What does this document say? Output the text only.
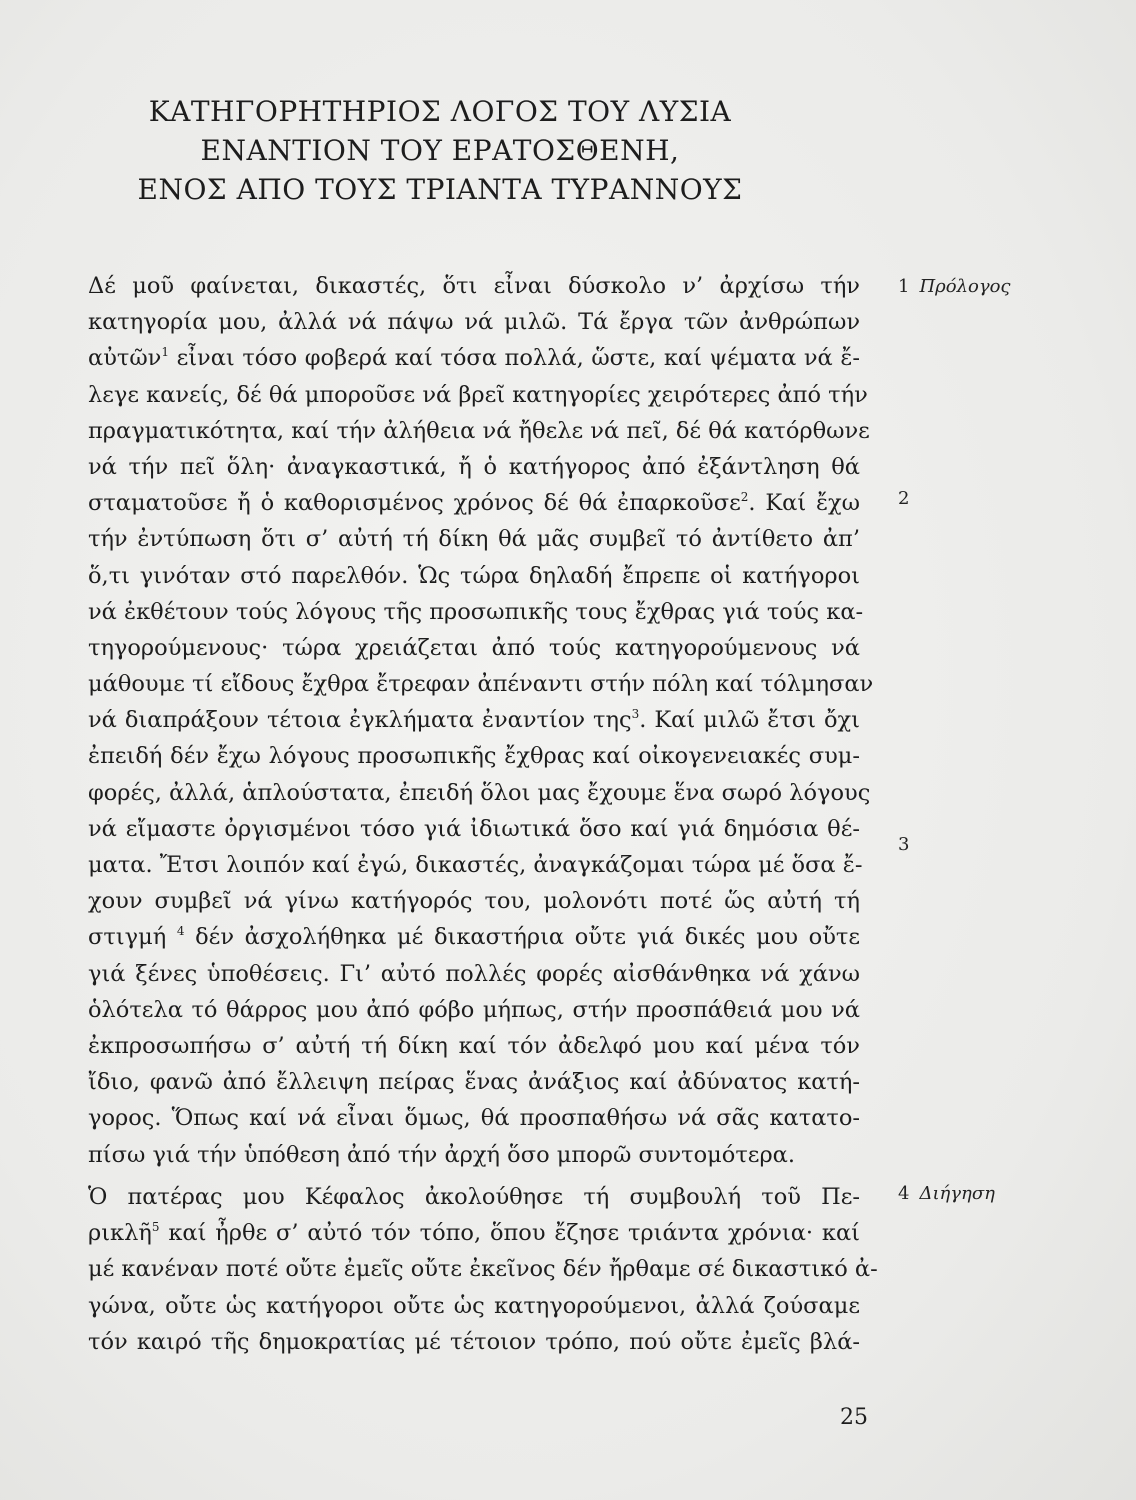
ΚΑΤΗΓΟΡΗΤΗΡΙΟΣ ΛΟΓΟΣ ΤΟΥ ΛΥΣΙΑ
ΕΝΑΝΤΙΟΝ ΤΟΥ ΕΡΑΤΟΣΘΕΝΗ,
ΕΝΟΣ ΑΠΟ ΤΟΥΣ ΤΡΙΑΝΤΑ ΤΥΡΑΝΝΟΥΣ
Δέ μοῦ φαίνεται, δικαστές, ὅτι εἶναι δύσκολο ν’ ἀρχίσω τήν
κατηγορία μου, ἀλλά νά πάψω νά μιλῶ. Τά ἔργα τῶν ἀνθρώπων
αὐτῶν$^1$ εἶναι τόσο φοβερά καί τόσα πολλά, ὥστε, καί ψέματα νά ἔ-
λεγε κανείς, δέ θά μποροῦσε νά βρεῖ κατηγορίες χειρότερες ἀπό τήν
πραγματικότητα, καί τήν ἀλήθεια νά ἤθελε νά πεῖ, δέ θά κατόρθωνε
νά τήν πεῖ ὅλη· ἀναγκαστικά, ἤ ὁ κατήγορος ἀπό ἐξάντληση θά
σταματοῦσε ἤ ὁ καθορισμένος χρόνος δέ θά ἐπαρκοῦσε$^2$. Καί ἔχω
τήν ἐντύπωση ὅτι σ’ αὐτή τή δίκη θά μᾶς συμβεῖ τό ἀντίθετο ἀπ’
ὅ,τι γινόταν στό παρελθόν. Ὡς τώρα δηλαδή ἔπρεπε οἱ κατήγοροι
νά ἐκθέτουν τούς λόγους τῆς προσωπικῆς τους ἔχθρας γιά τούς κα-
τηγορούμενους· τώρα χρειάζεται ἀπό τούς κατηγορούμενους νά
μάθουμε τί εἴδους ἔχθρα ἔτρεφαν ἀπέναντι στήν πόλη καί τόλμησαν
νά διαπράξουν τέτοια ἐγκλήματα ἐναντίον της$^3$. Καί μιλῶ ἔτσι ὄχι
ἐπειδή δέν ἔχω λόγους προσωπικῆς ἔχθρας καί οἰκογενειακές συμ-
φορές, ἀλλά, ἁπλούστατα, ἐπειδή ὅλοι μας ἔχουμε ἕνα σωρό λόγους
νά εἴμαστε ὀργισμένοι τόσο γιά ἰδιωτικά ὅσο καί γιά δημόσια θέ-
ματα. Ἔτσι λοιπόν καί ἐγώ, δικαστές, ἀναγκάζομαι τώρα μέ ὅσα ἔ-
χουν συμβεῖ νά γίνω κατήγορός του, μολονότι ποτέ ὥς αὐτή τή
στιγμή $^4$ δέν ἀσχολήθηκα μέ δικαστήρια οὔτε γιά δικές μου οὔτε
γιά ξένες ὑποθέσεις. Γι’ αὐτό πολλές φορές αἰσθάνθηκα νά χάνω
ὁλότελα τό θάρρος μου ἀπό φόβο μήπως, στήν προσπάθειά μου νά
ἐκπροσωπήσω σ’ αὐτή τή δίκη καί τόν ἀδελφό μου καί μένα τόν
ἴδιο, φανῶ ἀπό ἔλλειψη πείρας ἕνας ἀνάξιος καί ἀδύνατος κατή-
γορος. Ὅπως καί νά εἶναι ὅμως, θά προσπαθήσω νά σᾶς κατατο-
πίσω γιά τήν ὑπόθεση ἀπό τήν ἀρχή ὅσο μπορῶ συντομότερα.
Ὁ πατέρας μου Κέφαλος ἀκολούθησε τή συμβουλή τοῦ Πε-
ρικλῆ$^5$ καί ἦρθε σ’ αὐτό τόν τόπο, ὅπου ἔζησε τριάντα χρόνια· καί
μέ κανέναν ποτέ οὔτε ἐμεῖς οὔτε ἐκεῖνος δέν ἤρθαμε σέ δικαστικό ἀ-
γώνα, οὔτε ὡς κατήγοροι οὔτε ὡς κατηγορούμενοι, ἀλλά ζούσαμε
τόν καιρό τῆς δημοκρατίας μέ τέτοιον τρόπο, πού οὔτε ἐμεῖς βλά-
1 Πρόλογος
2
3
4 Διήγηση
25
